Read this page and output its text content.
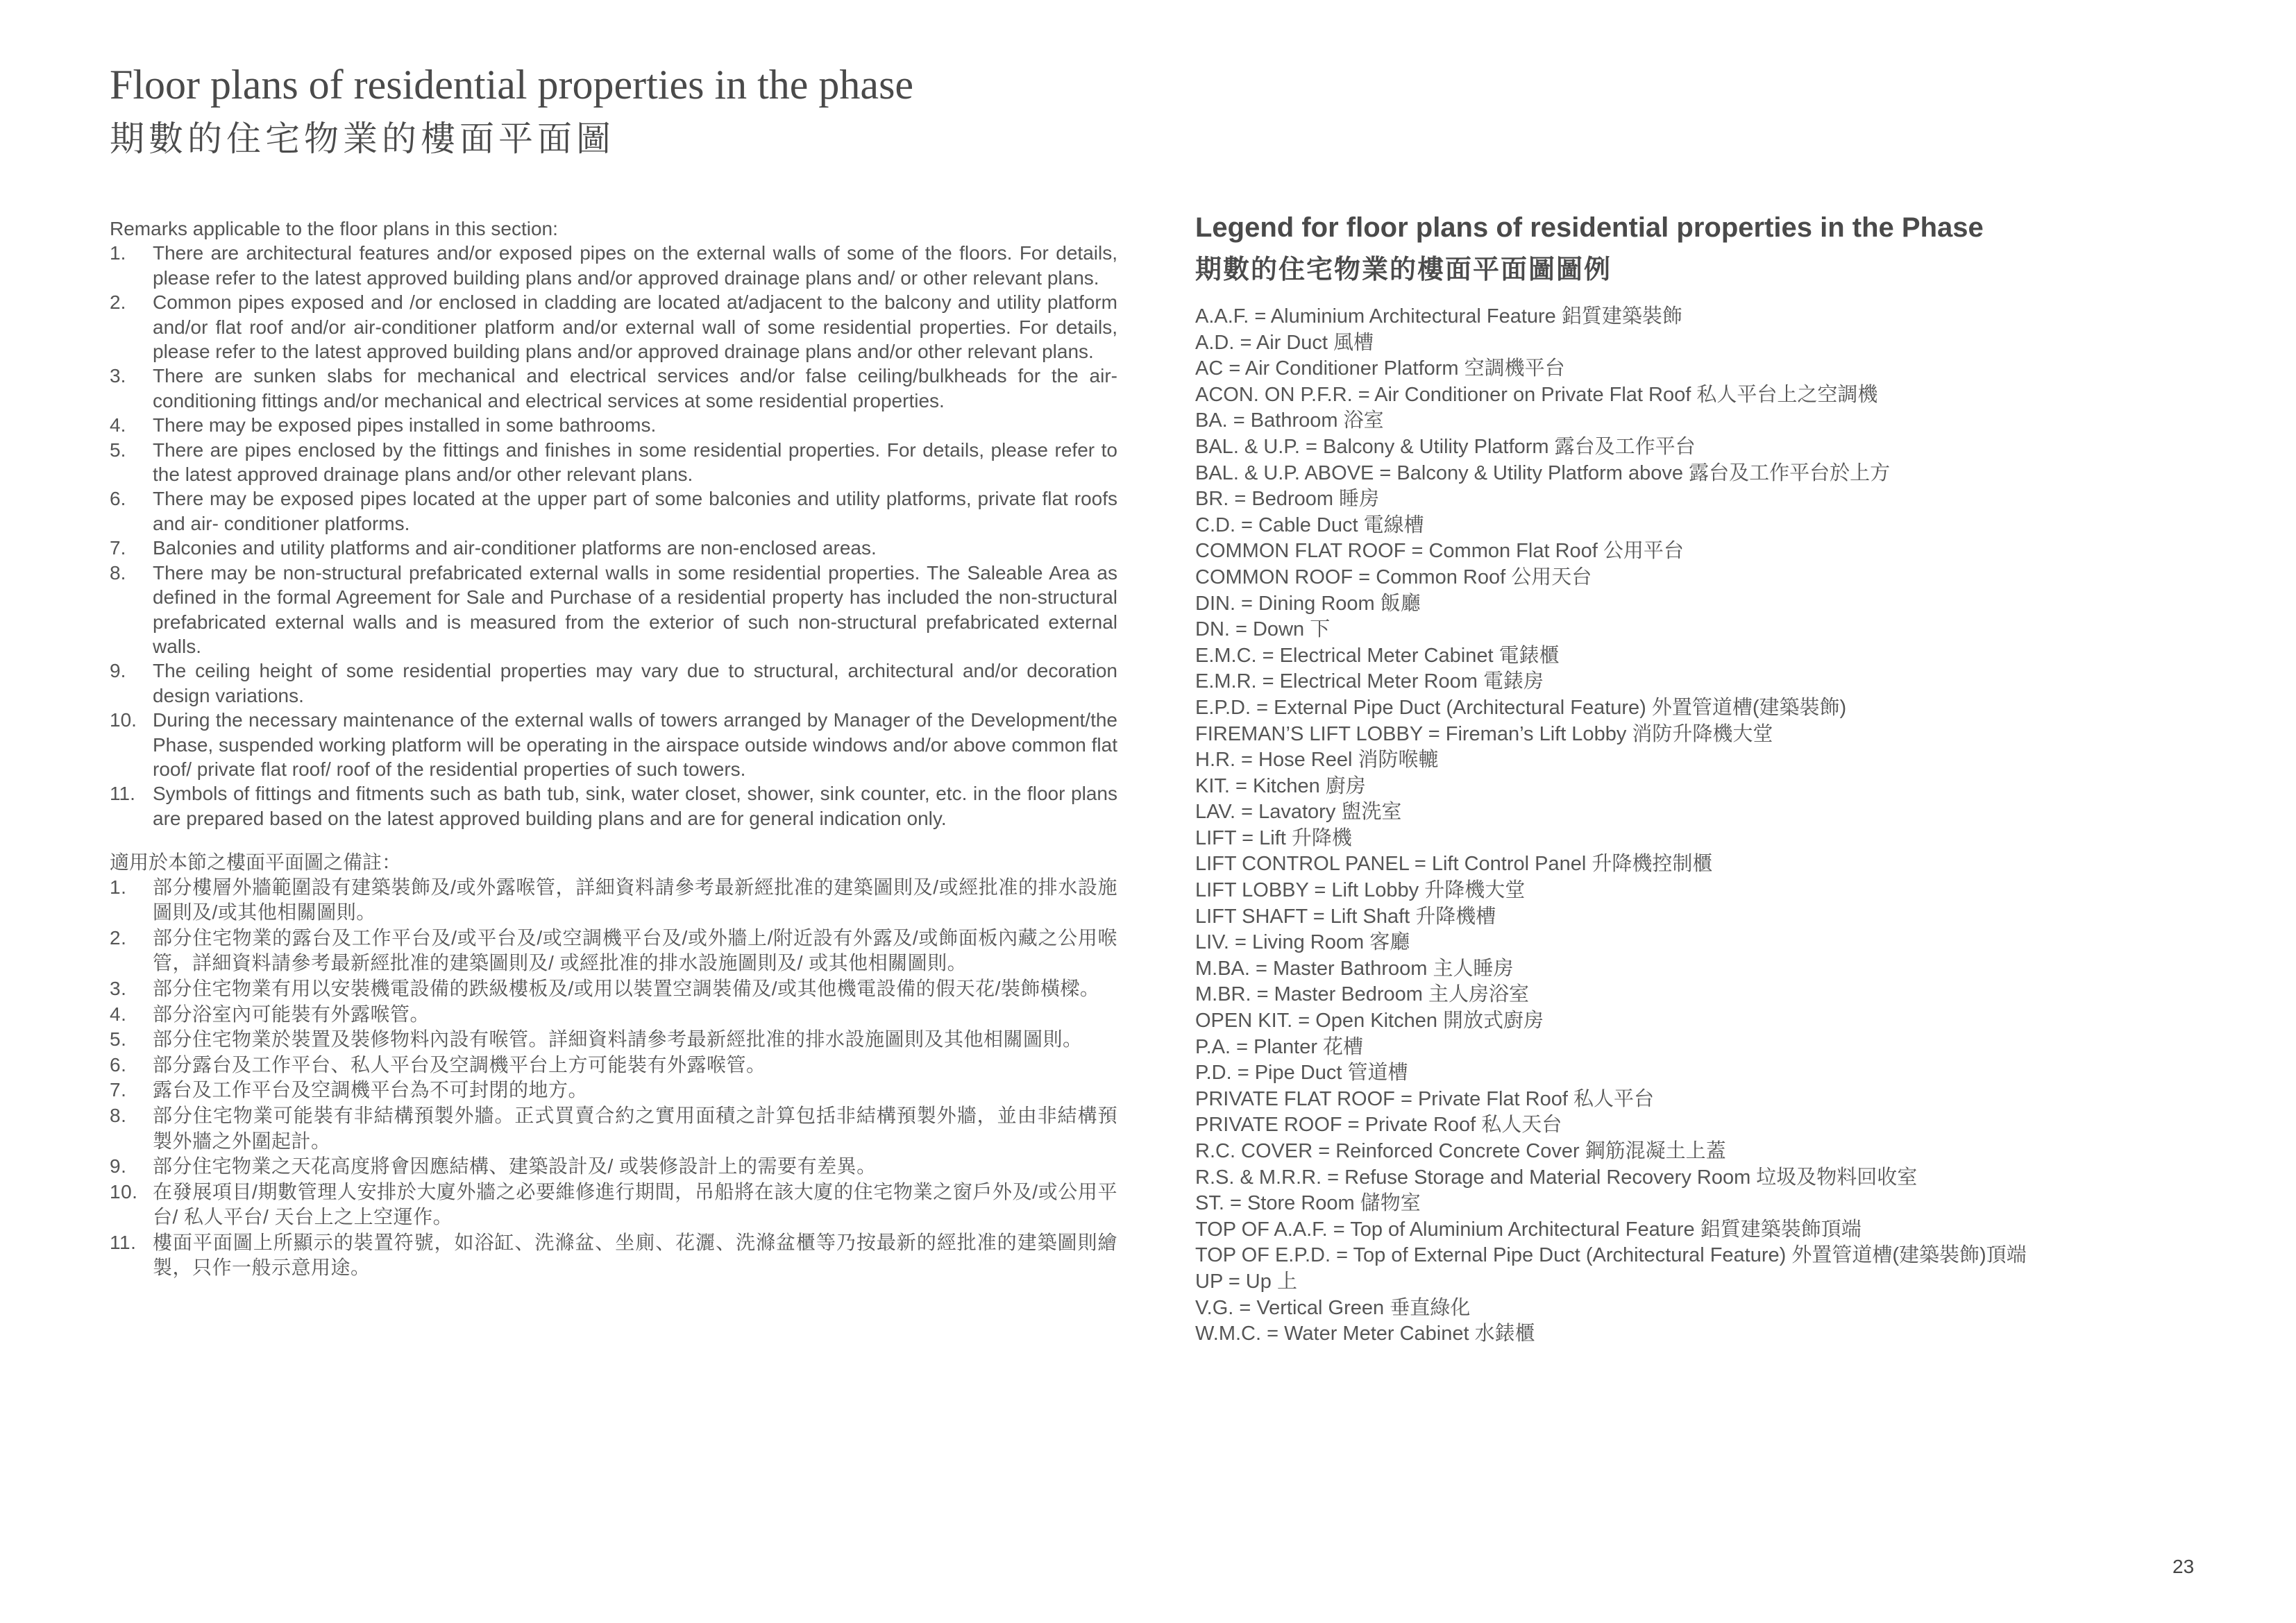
Floor plans of residential properties in the phase
期數的住宅物業的樓面平面圖

Remarks applicable to the floor plans in this section:

1. There are architectural features and/or exposed pipes on the external walls of some of the floors. For details, please refer to the latest approved building plans and/or approved drainage plans and/ or other relevant plans.
2. Common pipes exposed and /or enclosed in cladding are located at/adjacent to the balcony and utility platform and/or flat roof and/or air-conditioner platform and/or external wall of some residential properties. For details, please refer to the latest approved building plans and/or approved drainage plans and/or other relevant plans.
3. There are sunken slabs for mechanical and electrical services and/or false ceiling/bulkheads for the air-conditioning fittings and/or mechanical and electrical services at some residential properties.
4. There may be exposed pipes installed in some bathrooms.
5. There are pipes enclosed by the fittings and finishes in some residential properties. For details, please refer to the latest approved drainage plans and/or other relevant plans.
6. There may be exposed pipes located at the upper part of some balconies and utility platforms, private flat roofs and air- conditioner platforms.
7. Balconies and utility platforms and air-conditioner platforms are non-enclosed areas.
8. There may be non-structural prefabricated external walls in some residential properties. The Saleable Area as defined in the formal Agreement for Sale and Purchase of a residential property has included the non-structural prefabricated external walls and is measured from the exterior of such non-structural prefabricated external walls.
9. The ceiling height of some residential properties may vary due to structural, architectural and/or decoration design variations.
10. During the necessary maintenance of the external walls of towers arranged by Manager of the Development/the Phase, suspended working platform will be operating in the airspace outside windows and/or above common flat roof/ private flat roof/ roof of the residential properties of such towers.
11. Symbols of fittings and fitments such as bath tub, sink, water closet, shower, sink counter, etc. in the floor plans are prepared based on the latest approved building plans and are for general indication only.

適用於本節之樓面平面圖之備註：

1. 部分樓層外牆範圍設有建築裝飾及/或外露喉管，詳細資料請參考最新經批准的建築圖則及/或經批准的排水設施圖則及/或其他相關圖則。
2. 部分住宅物業的露台及工作平台及/或平台及/或空調機平台及/或外牆上/附近設有外露及/或飾面板內藏之公用喉管，詳細資料請參考最新經批准的建築圖則及/ 或經批准的排水設施圖則及/ 或其他相關圖則。
3. 部分住宅物業有用以安裝機電設備的跌級樓板及/或用以裝置空調裝備及/或其他機電設備的假天花/裝飾橫樑。
4. 部分浴室內可能裝有外露喉管。
5. 部分住宅物業於裝置及裝修物料內設有喉管。詳細資料請參考最新經批准的排水設施圖則及其他相關圖則。
6. 部分露台及工作平台、私人平台及空調機平台上方可能裝有外露喉管。
7. 露台及工作平台及空調機平台為不可封閉的地方。
8. 部分住宅物業可能裝有非結構預製外牆。正式買賣合約之實用面積之計算包括非結構預製外牆，並由非結構預製外牆之外圍起計。
9. 部分住宅物業之天花高度將會因應結構、建築設計及/ 或裝修設計上的需要有差異。
10. 在發展項目/期數管理人安排於大廈外牆之必要維修進行期間，吊船將在該大廈的住宅物業之窗戶外及/或公用平台/ 私人平台/ 天台上之上空運作。
11. 樓面平面圖上所顯示的裝置符號，如浴缸、洗滌盆、坐廁、花灑、洗滌盆櫃等乃按最新的經批准的建築圖則繪製，只作一般示意用途。
Legend for floor plans of residential properties in the Phase
期數的住宅物業的樓面平面圖圖例
A.A.F. = Aluminium Architectural Feature 鋁質建築裝飾
A.D. = Air Duct 風槽
AC = Air Conditioner Platform 空調機平台
ACON. ON P.F.R. = Air Conditioner on Private Flat Roof 私人平台上之空調機
BA. = Bathroom 浴室
BAL. & U.P. = Balcony & Utility Platform 露台及工作平台
BAL. & U.P. ABOVE = Balcony & Utility Platform above 露台及工作平台於上方
BR. = Bedroom 睡房
C.D. = Cable Duct 電線槽
COMMON FLAT ROOF = Common Flat Roof 公用平台
COMMON ROOF = Common Roof 公用天台
DIN. = Dining Room 飯廳
DN. = Down 下
E.M.C. = Electrical Meter Cabinet 電錶櫃
E.M.R. = Electrical Meter Room 電錶房
E.P.D. = External Pipe Duct (Architectural Feature) 外置管道槽(建築裝飾)
FIREMAN’S LIFT LOBBY = Fireman’s Lift Lobby 消防升降機大堂
H.R. = Hose Reel 消防喉轆
KIT. = Kitchen 廚房
LAV. = Lavatory 盥洗室
LIFT = Lift 升降機
LIFT CONTROL PANEL = Lift Control Panel 升降機控制櫃
LIFT LOBBY = Lift Lobby 升降機大堂
LIFT SHAFT = Lift Shaft 升降機槽
LIV. = Living Room 客廳
M.BA. = Master Bathroom 主人睡房
M.BR. = Master Bedroom 主人房浴室
OPEN KIT. = Open Kitchen 開放式廚房
P.A. = Planter 花槽
P.D. = Pipe Duct 管道槽
PRIVATE FLAT ROOF = Private Flat Roof 私人平台
PRIVATE ROOF = Private Roof 私人天台
R.C. COVER = Reinforced Concrete Cover 鋼筋混凝土上蓋
R.S. & M.R.R. = Refuse Storage and Material Recovery Room 垃圾及物料回收室
ST. = Store Room 儲物室
TOP OF A.A.F. = Top of Aluminium Architectural Feature 鋁質建築裝飾頂端
TOP OF E.P.D. = Top of External Pipe Duct (Architectural Feature) 外置管道槽(建築裝飾)頂端
UP = Up 上
V.G. = Vertical Green 垂直綠化
W.M.C. = Water Meter Cabinet 水錶櫃
23
